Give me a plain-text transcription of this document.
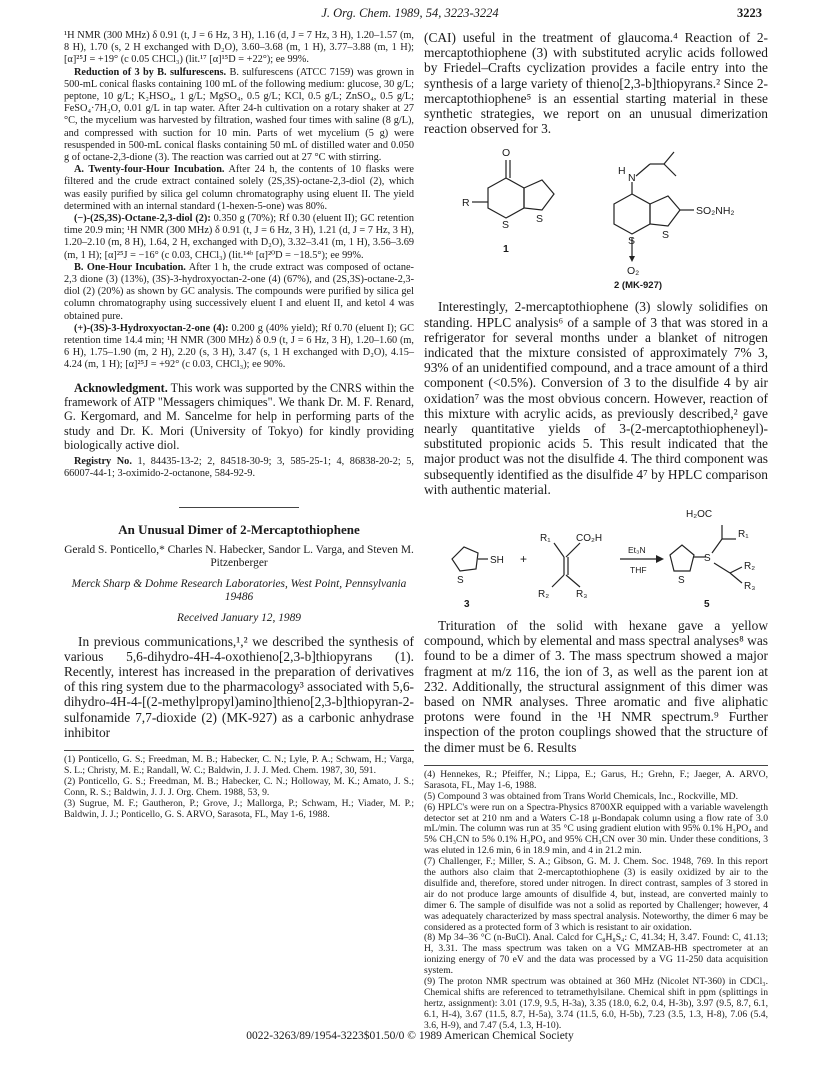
J. Org. Chem. 1989, 54, 3223-3224	3223

¹H NMR (300 MHz) δ 0.91 (t, J = 6 Hz, 3 H), 1.16 (d, J = 7 Hz, 3 H), 1.20–1.57 (m, 8 H), 1.70 (s, 2 H exchanged with D₂O), 3.60–3.68 (m, 1 H), 3.77–3.88 (m, 1 H); [α]²⁵J = +19° (c 0.05 CHCl₃) (lit.¹⁷ [α]¹⁵D = +22°); ee 99%.

Reduction of 3 by B. sulfurescens. B. sulfurescens (ATCC 7159) was grown in 500-mL conical flasks containing 100 mL of the following medium: glucose, 30 g/L; peptone, 10 g/L; K₂HSO₄, 1 g/L; MgSO₄, 0.5 g/L; KCl, 0.5 g/L; ZnSO₄, 0.5 g/L; FeSO₄·7H₂O, 0.01 g/L in tap water. After 24-h cultivation on a rotary shaker at 27 °C, the mycelium was harvested by filtration, washed four times with saline (8 g/L), and compressed with suction for 10 min. Parts of wet mycelium (5 g) were resuspended in 500-mL conical flasks containing 50 mL of distilled water and 0.050 g of octane-2,3-dione (3). The reaction was carried out at 27 °C with stirring.

A. Twenty-four-Hour Incubation. After 24 h, the contents of 10 flasks were filtered and the crude extract contained solely (2S,3S)-octane-2,3-diol (2), which was easily purified by silica gel column chromatography using eluent II. The yield determined with an internal standard (1-hexen-5-one) was 80%.

(−)-(2S,3S)-Octane-2,3-diol (2): 0.350 g (70%); Rf 0.30 (eluent II); GC retention time 20.9 min; ¹H NMR (300 MHz) δ 0.91 (t, J = 6 Hz, 3 H), 1.21 (d, J = 7 Hz, 3 H), 1.20–2.10 (m, 8 H), 1.64, 2 H, exchanged with D₂O), 3.32–3.41 (m, 1 H), 3.56–3.69 (m, 1 H); [α]²⁵J = −16° (c 0.03, CHCl₃) (lit.¹⁴ᵇ [α]²⁰D = −18.5°); ee 99%.

B. One-Hour Incubation. After 1 h, the crude extract was composed of octane-2,3 dione (3) (13%), (3S)-3-hydroxyoctan-2-one (4) (67%), and (2S,3S)-octane-2,3-diol (2) (20%) as shown by GC analysis. The compounds were purified by silica gel column chromatography using successively eluent I and eluent II, and ketol 4 was obtained pure.

(+)-(3S)-3-Hydroxyoctan-2-one (4): 0.200 g (40% yield); Rf 0.70 (eluent I); GC retention time 14.4 min; ¹H NMR (300 MHz) δ 0.9 (t, J = 6 Hz, 3 H), 1.20–1.60 (m, 6 H), 1.75–1.90 (m, 2 H), 2.20 (s, 3 H), 3.47 (s, 1 H exchanged with D₂O), 4.15–4.24 (m, 1 H); [α]²⁵J = +92° (c 0.03, CHCl₃); ee 90%.

Acknowledgment. This work was supported by the CNRS within the framework of ATP "Messagers chimiques". We thank Dr. M. F. Renard, G. Kergomard, and M. Sancelme for help in performing parts of the study and Dr. K. Mori (University of Tokyo) for kindly providing biologically active diol.

Registry No. 1, 84435-13-2; 2, 84518-30-9; 3, 585-25-1; 4, 86838-20-2; 5, 66007-44-1; 3-oximido-2-octanone, 584-92-9.

An Unusual Dimer of 2-Mercaptothiophene

Gerald S. Ponticello,* Charles N. Habecker, Sandor L. Varga, and Steven M. Pitzenberger

Merck Sharp & Dohme Research Laboratories, West Point, Pennsylvania 19486

Received January 12, 1989

In previous communications,¹,² we described the synthesis of various 5,6-dihydro-4H-4-oxothieno[2,3-b]thiopyrans (1). Recently, interest has increased in the preparation of derivatives of this ring system due to the pharmacology³ associated with 5,6-dihydro-4H-4-[(2-methylpropyl)amino]thieno[2,3-b]thiopyran-2-sulfonamide 7,7-dioxide (2) (MK-927) as a carbonic anhydrase inhibitor

(1) Ponticello, G. S.; Freedman, M. B.; Habecker, C. N.; Lyle, P. A.; Schwam, H.; Varga, S. L.; Christy, M. E.; Randall, W. C.; Baldwin, J. J. J. Med. Chem. 1987, 30, 591.

(2) Ponticello, G. S.; Freedman, M. B.; Habecker, C. N.; Holloway, M. K.; Amato, J. S.; Conn, R. S.; Baldwin, J. J. J. Org. Chem. 1988, 53, 9.

(3) Sugrue, M. F.; Gautheron, P.; Grove, J.; Mallorga, P.; Schwam, H.; Viader, M. P.; Baldwin, J. J.; Ponticello, G. S. ARVO, Sarasota, FL, May 1-6, 1988.

(CAI) useful in the treatment of glaucoma.⁴ Reaction of 2-mercaptothiophene (3) with substituted acrylic acids followed by Friedel–Crafts cyclization provides a facile entry into the synthesis of a large variety of thieno[2,3-b]thiopyrans.² Since 2-mercaptothiophene⁵ is an essential starting material in these synthetic strategies, we report on an unusual dimerization reaction observed for 3.

O
R
S	S
1
H
N
SO₂NH₂
S	S
O₂
2 (MK-927)

Interestingly, 2-mercaptothiophene (3) slowly solidifies on standing. HPLC analysis⁶ of a sample of 3 that was stored in a refrigerator for several months under a blanket of nitrogen indicated that the mixture consisted of approximately 7% 3, 93% of an unidentified compound, and a trace amount of a third component (<0.5%). Conversion of 3 to the disulfide 4 by air oxidation⁷ was the most obvious concern. However, reaction of this mixture with acrylic acids, as previously described,² gave nearly quantitative yields of 3-(2-mercaptothiopheneyl)-substituted propionic acids 5. This result indicated that the major product was not the disulfide 4. The third component was subsequently identified as the disulfide 4⁷ by HPLC comparison with authentic material.

S
SH +
R₁	CO₂H
R₂	R₃
Et₃N
THF
H₂OC
R₁
S
S
R₂
R₃
3	5

Trituration of the solid with hexane gave a yellow compound, which by elemental and mass spectral analyses⁸ was found to be a dimer of 3. The mass spectrum showed a major fragment at m/z 116, the ion of 3, as well as the parent ion at 232. Additionally, the structural assignment of this dimer was based on NMR analyses. Three aromatic and five aliphatic protons were found in the ¹H NMR spectrum.⁹ Further inspection of the proton couplings showed that the structure of the dimer must be 6. Results

(4) Hennekes, R.; Pfeiffer, N.; Lippa, E.; Garus, H.; Grehn, F.; Jaeger, A. ARVO, Sarasota, FL, May 1-6, 1988.

(5) Compound 3 was obtained from Trans World Chemicals, Inc., Rockville, MD.

(6) HPLC's were run on a Spectra-Physics 8700XR equipped with a variable wavelength detector set at 210 nm and a Waters C-18 μ-Bondapak column using a flow rate of 3.0 mL/min. The column was run at 35 °C using gradient elution with 95% 0.1% H₃PO₄ and 5% CH₃CN to 5% 0.1% H₃PO₄ and 95% CH₃CN over 30 min. Under these conditions, 3 was eluted in 12.6 min, 6 in 18.9 min, and 4 in 21.2 min.

(7) Challenger, F.; Miller, S. A.; Gibson, G. M. J. Chem. Soc. 1948, 769. In this report the authors also claim that 2-mercaptothiophene (3) is easily oxidized by air to the disulfide and, therefore, stored under nitrogen. In direct contrast, samples of 3 stored in air do not produce large amounts of disulfide 4, but, instead, are converted mainly to dimer 6. The sample of disulfide was not a solid as reported by Challenger; however, 4 was adequately characterized by mass spectral analysis. Noteworthy, the dimer 6 may be considered as a protected form of 3 which is resistant to air oxidation.

(8) Mp 34–36 °C (n-BuCl). Anal. Calcd for C₈H₈S₄: C, 41.34; H, 3.47. Found: C, 41.13; H, 3.31. The mass spectrum was taken on a VG MMZAB-HB spectrometer at an ionizing energy of 70 eV and the data was processed by a VG 11-250 data acquisition system.

(9) The proton NMR spectrum was obtained at 360 MHz (Nicolet NT-360) in CDCl₃. Chemical shifts are referenced to tetramethylsilane. Chemical shift in ppm (splittings in hertz, assignment): 3.01 (17.9, 9.5, H-3a), 3.35 (18.0, 6.2, 0.4, H-3b), 3.97 (9.5, 8.7, 6.1, 6.1, H-4), 3.67 (11.5, 8.7, H-5a), 3.74 (11.5, 6.0, H-5b), 7.23 (3.5, 1.3, H-8), 7.06 (5.4, 3.6, H-9), and 7.47 (5.4, 1.3, H-10).

0022-3263/89/1954-3223$01.50/0 © 1989 American Chemical Society
